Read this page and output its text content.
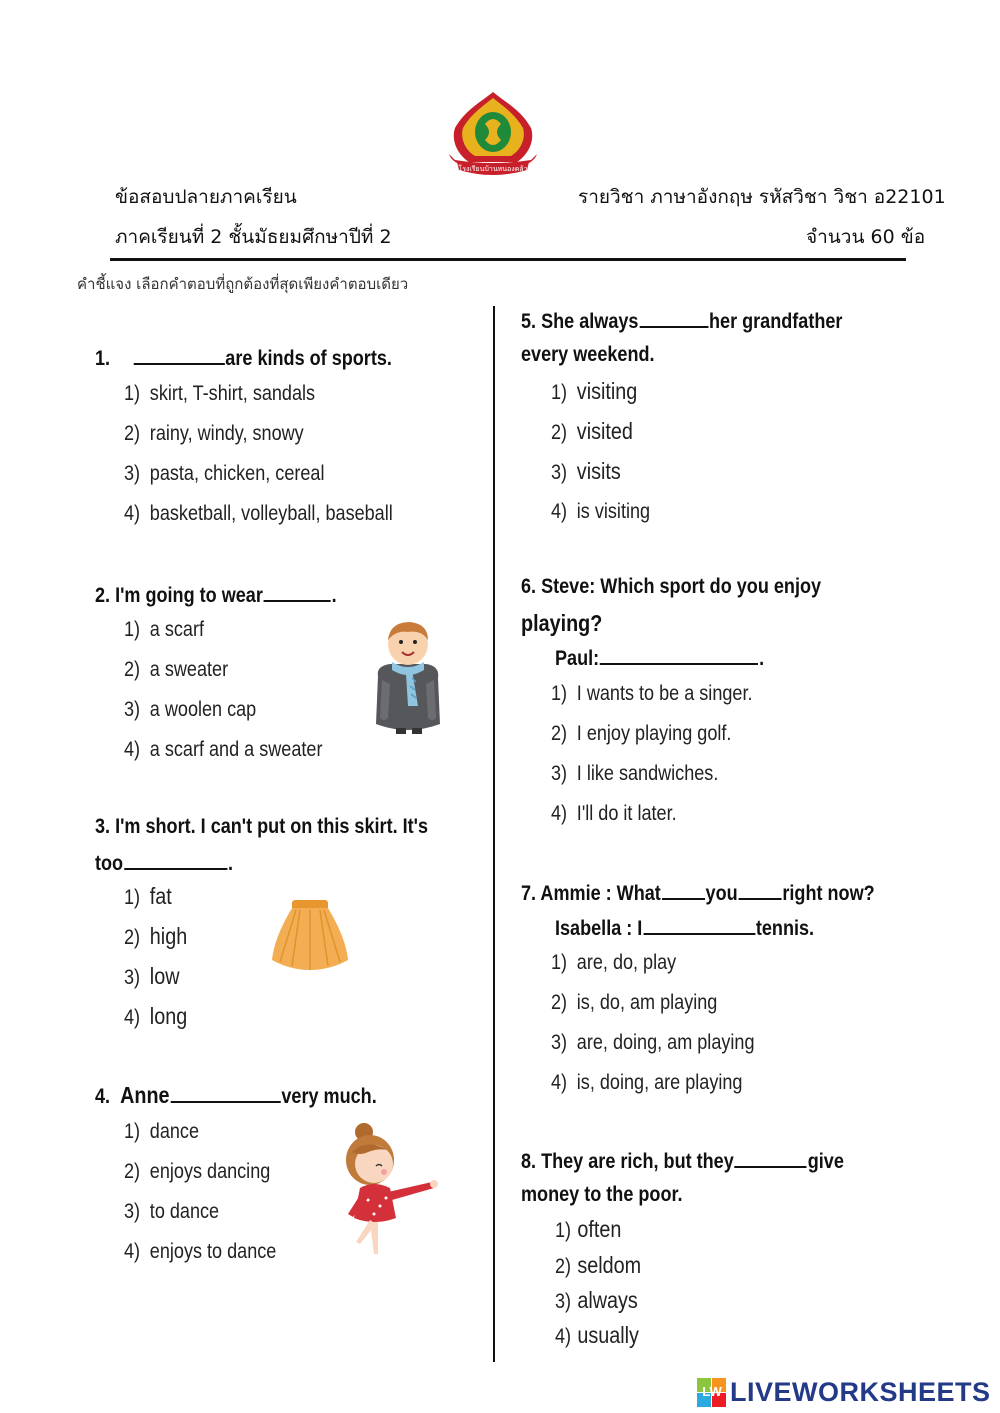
โรงเรียนบ้านหนองคล้า
ข้อสอบปลายภาคเรียน
ภาคเรียนที่ 2 ชั้นมัธยมศึกษาปีที่ 2
รายวิชา ภาษาอังกฤษ รหัสวิชา วิชา อ22101
จำนวน 60 ข้อ
คำชี้แจง เลือกคำตอบที่ถูกต้องที่สุดเพียงคำตอบเดียว
1.	are kinds of sports.
1) skirt, T-shirt, sandals
2) rainy, windy, snowy
3) pasta, chicken, cereal
4) basketball, volleyball, baseball
2. I'm going to wear	.
1) a scarf
2) a sweater
3) a woolen cap
4) a scarf and a sweater
3. I'm short. I can't put on this skirt. It's
too	.
1) fat
2) high
3) low
4) long
4. Anne	very much.
1) dance
2) enjoys dancing
3) to dance
4) enjoys to dance
5. She always	her grandfather
every weekend.
1) visiting
2) visited
3) visits
4) is visiting
6. Steve: Which sport do you enjoy
playing?
Paul:	.
1) I wants to be a singer.
2) I enjoy playing golf.
3) I like sandwiches.
4) I'll do it later.
7. Ammie : What you right now?
Isabella : I	tennis.
1) are, do, play
2) is, do, am playing
3) are, doing, am playing
4) is, doing, are playing
8. They are rich, but they	give
money to the poor.
1) often
2) seldom
3) always
4) usually
LW LIVEWORKSHEETS
